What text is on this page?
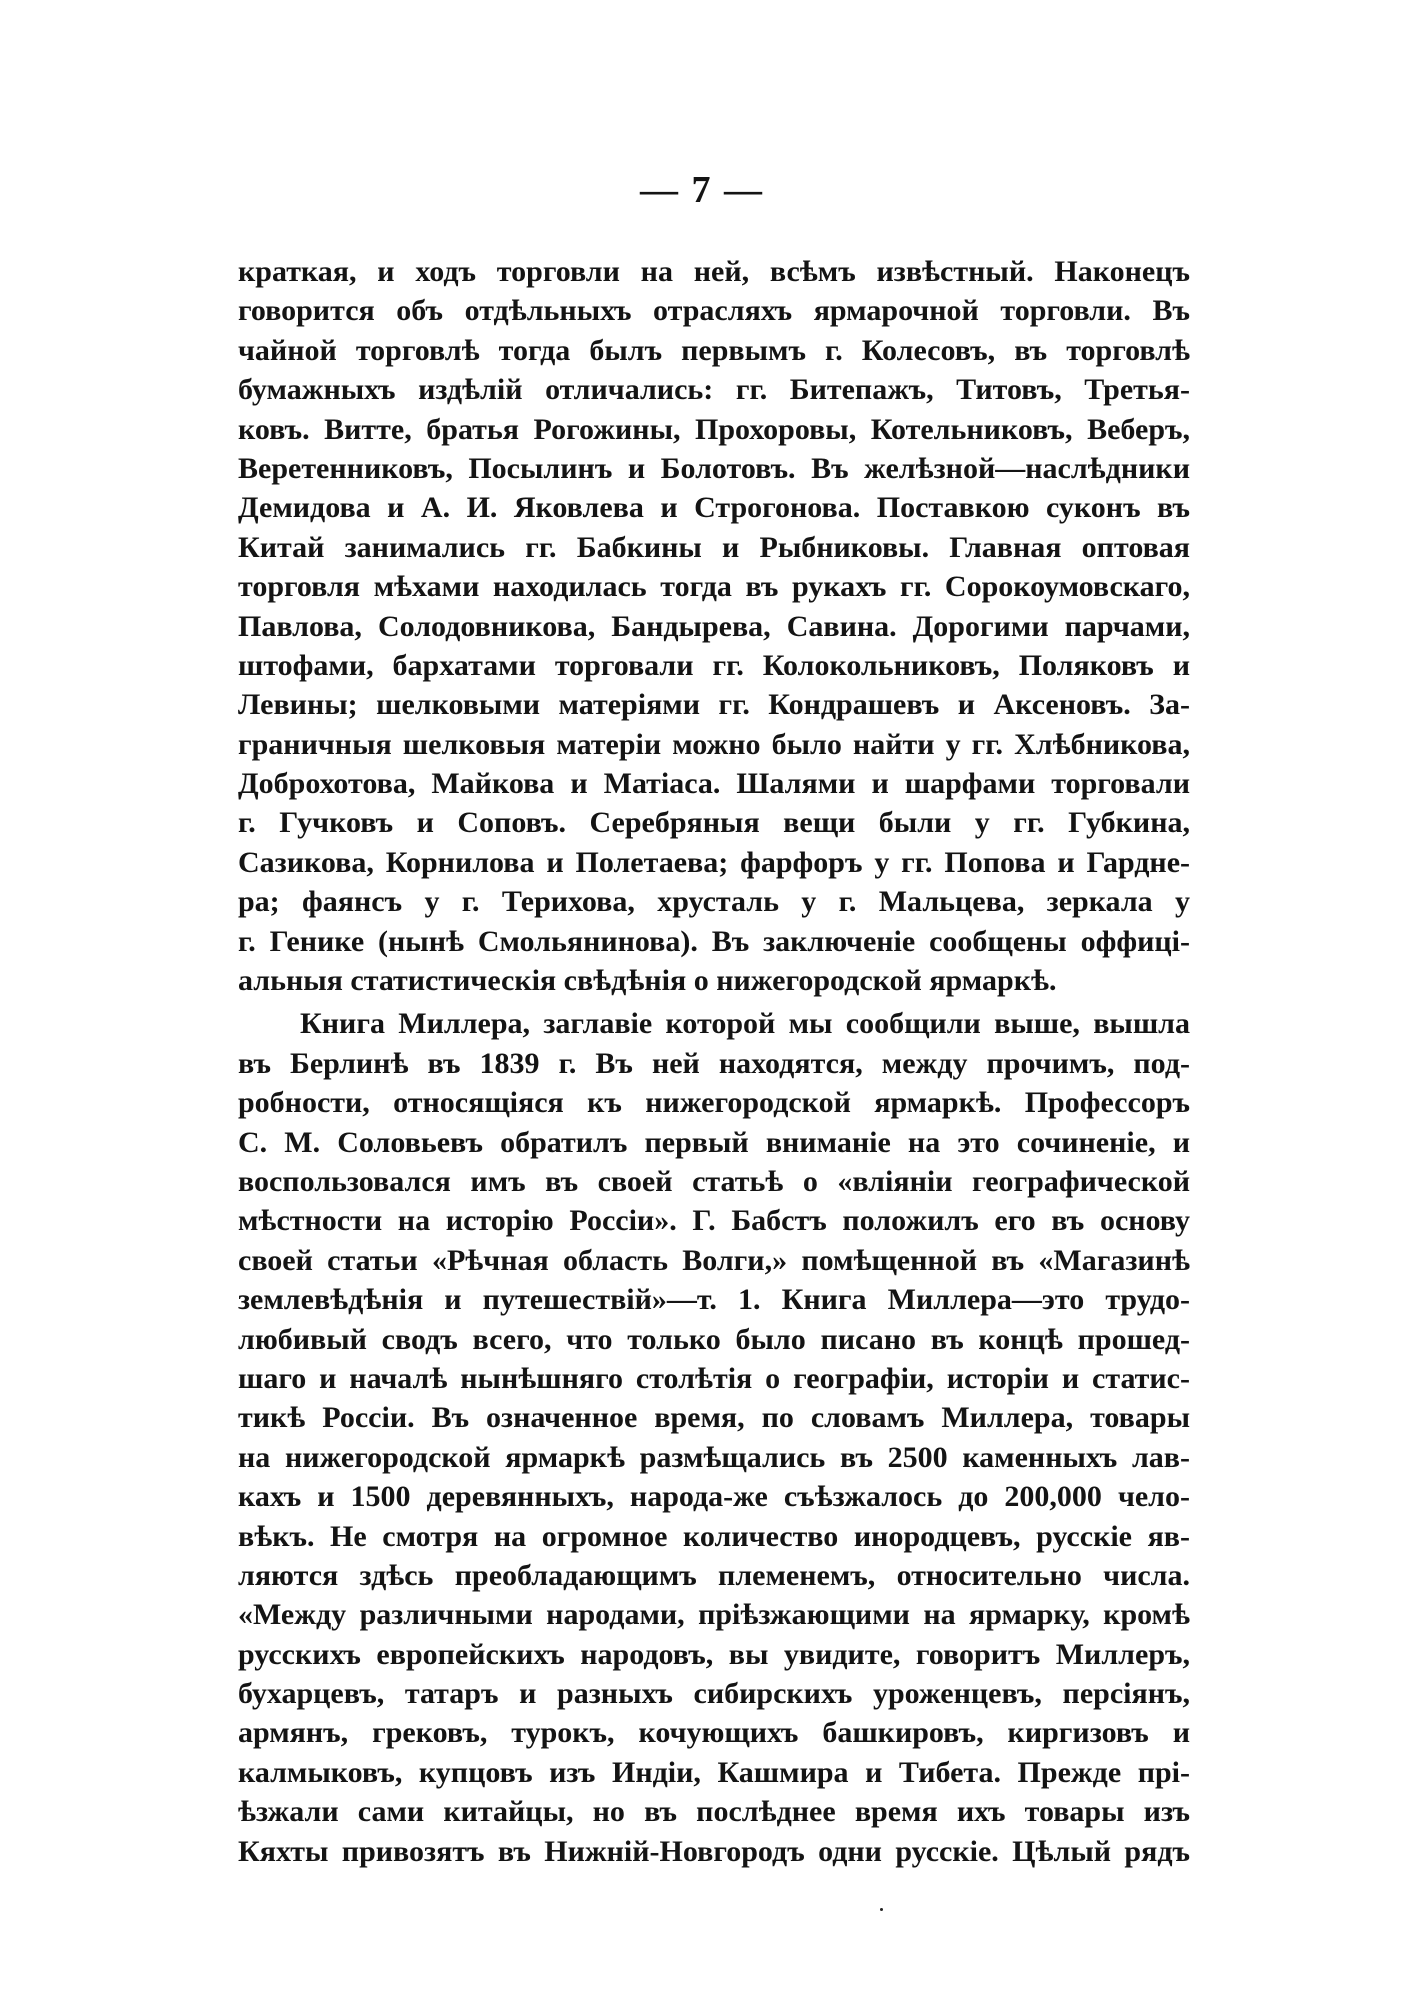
— 7 —
краткая, и ходъ торговли на ней, всѣмъ извѣстный. Наконецъ
говорится объ отдѣльныхъ отрасляхъ ярмарочной торговли. Въ
чайной торговлѣ тогда былъ первымъ г. Колесовъ, въ торговлѣ
бумажныхъ издѣлій отличались: гг. Битепажъ, Титовъ, Третья-
ковъ. Витте, братья Рогожины, Прохоровы, Котельниковъ, Веберъ,
Веретенниковъ, Посылинъ и Болотовъ. Въ желѣзной—наслѣдники
Демидова и А. И. Яковлева и Строгонова. Поставкою суконъ въ
Китай занимались гг. Бабкины и Рыбниковы. Главная оптовая
торговля мѣхами находилась тогда въ рукахъ гг. Сорокоумовскаго,
Павлова, Солодовникова, Бандырева, Савина. Дорогими парчами,
штофами, бархатами торговали гг. Колокольниковъ, Поляковъ и
Левины; шелковыми матеріями гг. Кондрашевъ и Аксеновъ. За-
граничныя шелковыя матеріи можно было найти у гг. Хлѣбникова,
Доброхотова, Майкова и Матіаса. Шалями и шарфами торговали
г. Гучковъ и Соповъ. Серебряныя вещи были у гг. Губкина,
Сазикова, Корнилова и Полетаева; фарфоръ у гг. Попова и Гардне-
ра; фаянсъ у г. Терихова, хрусталь у г. Мальцева, зеркала у
г. Генике (нынѣ Смольянинова). Въ заключеніе сообщены оффиці-
альныя статистическія свѣдѣнія о нижегородской ярмаркѣ.
Книга Миллера, заглавіе которой мы сообщили выше, вышла
въ Берлинѣ въ 1839 г. Въ ней находятся, между прочимъ, под-
робности, относящіяся къ нижегородской ярмаркѣ. Профессоръ
С. М. Соловьевъ обратилъ первый вниманіе на это сочиненіе, и
воспользовался имъ въ своей статьѣ о «вліяніи географической
мѣстности на исторію Россіи». Г. Бабстъ положилъ его въ основу
своей статьи «Рѣчная область Волги,» помѣщенной въ «Магазинѣ
землевѣдѣнія и путешествій»—т. 1. Книга Миллера—это трудо-
любивый сводъ всего, что только было писано въ концѣ прошед-
шаго и началѣ нынѣшняго столѣтія о географіи, исторіи и статис-
тикѣ Россіи. Въ означенное время, по словамъ Миллера, товары
на нижегородской ярмаркѣ размѣщались въ 2500 каменныхъ лав-
кахъ и 1500 деревянныхъ, народа-же съѣзжалось до 200,000 чело-
вѣкъ. Не смотря на огромное количество инородцевъ, русскіе яв-
ляются здѣсь преобладающимъ племенемъ, относительно числа.
«Между различными народами, пріѣзжающими на ярмарку, кромѣ
русскихъ европейскихъ народовъ, вы увидите, говоритъ Миллеръ,
бухарцевъ, татаръ и разныхъ сибирскихъ уроженцевъ, персіянъ,
армянъ, грековъ, турокъ, кочующихъ башкировъ, киргизовъ и
калмыковъ, купцовъ изъ Индіи, Кашмира и Тибета. Прежде прі-
ѣзжали сами китайцы, но въ послѣднее время ихъ товары изъ
Кяхты привозятъ въ Нижній-Новгородъ одни русскіе. Цѣлый рядъ
